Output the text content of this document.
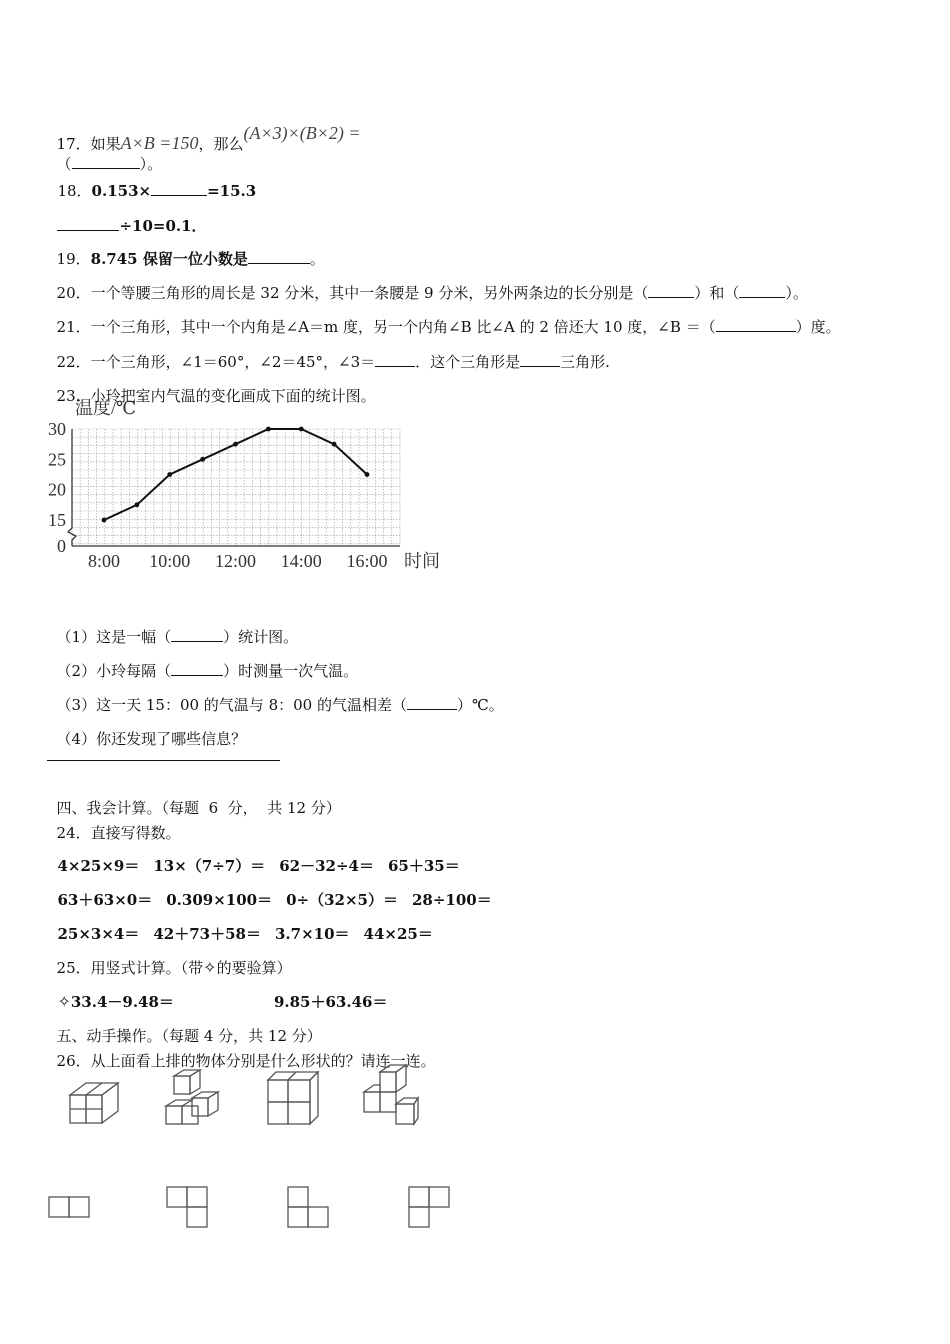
17．如果A×B =150，那么(A×3)×(B×2) =
（	）。

18．0.153×	=15.3

÷10=0.1．

19．8.745 保留一位小数是	。

20．一个等腰三角形的周长是 32 分米，其中一条腰是 9 分米，另外两条边的长分别是（	）和（	）。

21．一个三角形，其中一个内角是∠A＝m 度，另一个内角∠B 比∠A 的 2 倍还大 10 度，∠B ＝（	）度。

22．一个三角形，∠1＝60°，∠2＝45°，∠3＝	．这个三角形是	三角形.

23．小玲把室内气温的变化画成下面的统计图。

温度/℃
时间
0
15
20
25
30
8:00 10:00 12:00 14:00 16:00

（1）这是一幅（	）统计图。

（2）小玲每隔（	）时测量一次气温。

（3）这一天 15：00 的气温与 8：00 的气温相差（	）℃。

（4）你还发现了哪些信息？

四、我会计算。（每题  6  分，  共 12 分）

24．直接写得数。

4×25×9＝ 13×（7÷7）＝ 62－32÷4＝ 65＋35＝

63＋63×0＝ 0.309×100＝ 0÷（32×5）＝ 28÷100＝

25×3×4＝ 42＋73＋58＝ 3.7×10＝ 44×25＝

25．用竖式计算。（带✧的要验算）

✧33.4－9.48＝	9.85＋63.46＝

五、动手操作。（每题 4 分，共 12 分）

26．从上面看上排的物体分别是什么形状的？请连一连。
